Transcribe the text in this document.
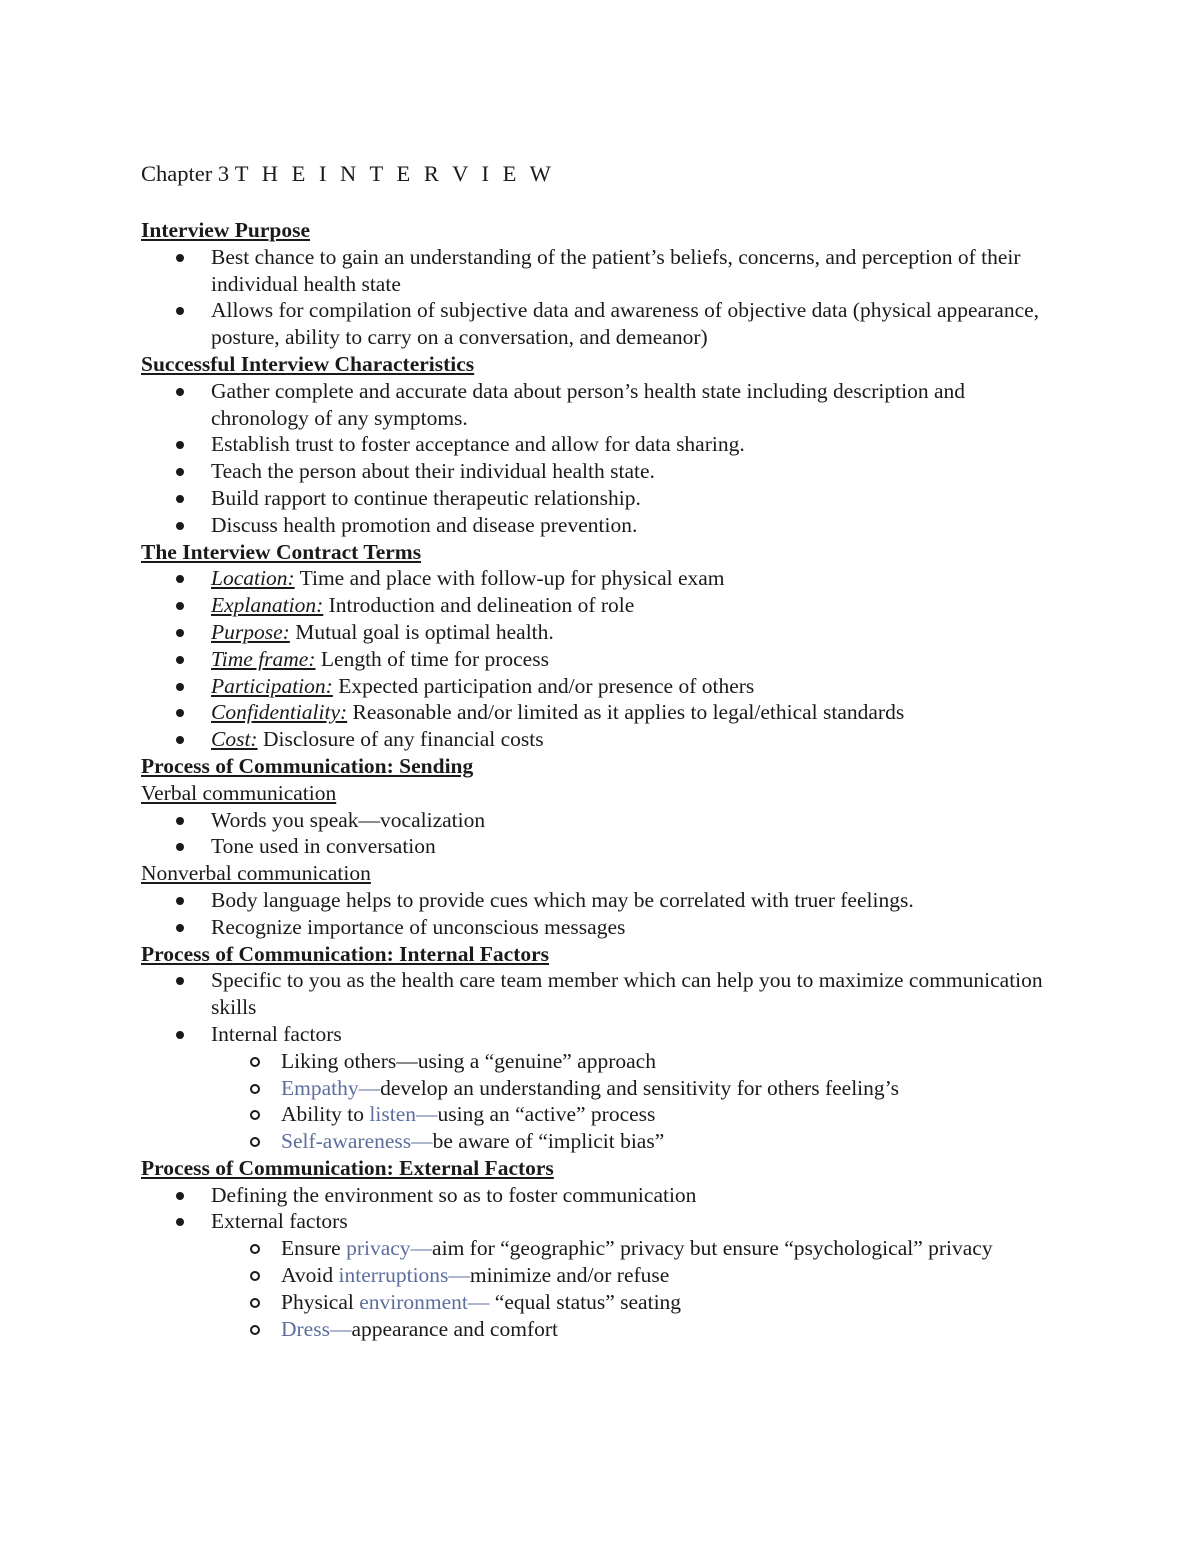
Chapter 3 T H E I N T E R V I E W

Interview Purpose

Best chance to gain an understanding of the patient’s beliefs, concerns, and perception of their individual health state
Allows for compilation of subjective data and awareness of objective data (physical appearance, posture, ability to carry on a conversation, and demeanor)

Successful Interview Characteristics

Gather complete and accurate data about person’s health state including description and chronology of any symptoms.
Establish trust to foster acceptance and allow for data sharing.
Teach the person about their individual health state.
Build rapport to continue therapeutic relationship.
Discuss health promotion and disease prevention.

The Interview Contract Terms

Location: Time and place with follow-up for physical exam
Explanation: Introduction and delineation of role
Purpose: Mutual goal is optimal health.
Time frame: Length of time for process
Participation: Expected participation and/or presence of others
Confidentiality: Reasonable and/or limited as it applies to legal/ethical standards
Cost: Disclosure of any financial costs

Process of Communication: Sending

Verbal communication

Words you speak—vocalization
Tone used in conversation

Nonverbal communication

Body language helps to provide cues which may be correlated with truer feelings.
Recognize importance of unconscious messages

Process of Communication: Internal Factors

Specific to you as the health care team member which can help you to maximize communication skills
Internal factors
Liking others—using a “genuine” approach
Empathy—develop an understanding and sensitivity for others feeling’s
Ability to listen—using an “active” process
Self-awareness—be aware of “implicit bias”

Process of Communication: External Factors

Defining the environment so as to foster communication
External factors
Ensure privacy—aim for “geographic” privacy but ensure “psychological” privacy
Avoid interruptions—minimize and/or refuse
Physical environment— “equal status” seating
Dress—appearance and comfort
